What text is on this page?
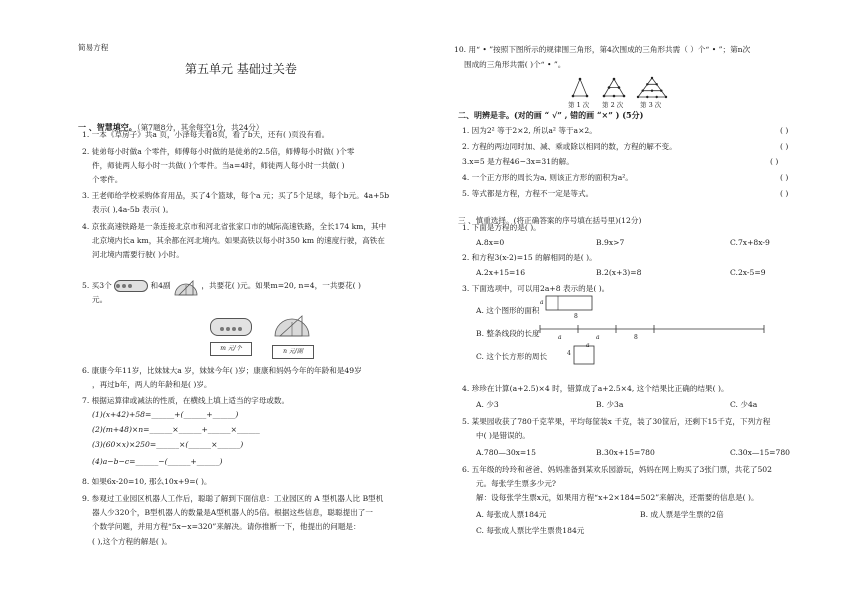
简易方程
第五单元 基础过关卷
一 、智慧填空。（第7题8分，其余每空1分，共24分）
1. 一本《草房子》共a 页，小泽每天看8页，看了b天，还有( )页没有看。
2. 徒弟每小时做a 个零件，师傅每小时做的是徒弟的2.5倍，师傅每小时做( )个零
件，师徒两人每小时一共做( )个零件。当a=4时，师徒两人每小时一共做( )
个零件。
3. 王老师给学校采购体育用品，买了4个篮球，每个a 元；买了5个足球，每个b元。4a+5b
表示( ),4a-5b 表示( )。
4. 京张高速铁路是一条连接北京市和河北省张家口市的城际高速铁路，全长174 km，其中
北京境内长a km，其余都在河北境内。如果高铁以每小时350 km 的速度行驶，高铁在
河北境内需要行驶( )小时。
5. 买3个	和4副	，共要花( )元。如果m=20, n=4，一共要花( )
元。
m 元/个	n 元/副
6. 康康今年11岁，比妹妹大a 岁，妹妹今年( )岁；康康和妈妈今年的年龄和是49岁
，再过b年，两人的年龄和是( )岁。
7. 根据运算律或减法的性质，在横线上填上适当的字母或数。
(1)(x+42)+58=______+(______+______)
(2)(m+48)×n=______×______+______×______
(3)(60×x)×250=______×(______×______)
(4)a−b−c=______−(______+______)
8. 如果6x-20=10, 那么10x+9=( )。
9. 参观过工业园区机器人工作后，聪聪了解到下面信息：工业园区的 A 型机器人比 B型机
器人少320个，B型机器人的数量是A型机器人的5倍。根据这些信息，聪聪提出了一
个数学问题，并用方程“5x−x=320”来解决。请你推断一下，他提出的问题是：
( ),这个方程的解是( )。
10. 用“ • ”按照下图所示的规律围三角形，第4次围成的三角形共需（ ）个“ • ”；第n次
围成的三角形共需( )个“ • ”。
第 1 次 第 2 次	第 3 次
二、明辨是非。(对的画 “ √” , 错的画 “×” ) (5分)
1. 因为2² 等于2×2, 所以a² 等于a×2。	( )
2. 方程的两边同时加、减、乘或除以相同的数，方程的解不变。	( )
3.x=5 是方程46−3x=31的解。	( )
4. 一个正方形的周长为a, 则该正方形的面积为a²。	( )
5. 等式都是方程，方程不一定是等式。	( )
三 、慎重选择。(将正确答案的序号填在括号里)(12分)
1. 下面是方程的是( )。
A.8x=0	B.9x>7	C.7x+8x-9
2. 和方程3(x-2)=15 的解相同的是( )。
A.2x+15=16	B.2(x+3)=8	C.2x-5=9
3. 下面选项中，可以用2a+8 表示的是( )。
A. 这个图形的面积
B. 整条线段的长度
C. 这个长方形的周长
a
8
a	a	8
a
4
4. 珍珍在计算(a+2.5)×4 时，错算成了a+2.5×4, 这个结果比正确的结果( )。
A. 少3	B. 少3a	C. 少4a
5. 某果园收获了780千克苹果，平均每筐装x 千克，装了30筐后，还剩下15千克，下列方程
中( )是错误的。
A.780—30x=15	B.30x+15=780	C.30x—15=780
6. 五年级的玲玲和爸爸、妈妈准备到某欢乐园游玩，妈妈在网上购买了3张门票，共花了502
元。每张学生票多少元?
解：设每张学生票x元，如果用方程“x+2×184=502”来解决，还需要的信息是( )。
A. 每张成人票184元	B. 成人票是学生票的2倍
C. 每张成人票比学生票贵184元
